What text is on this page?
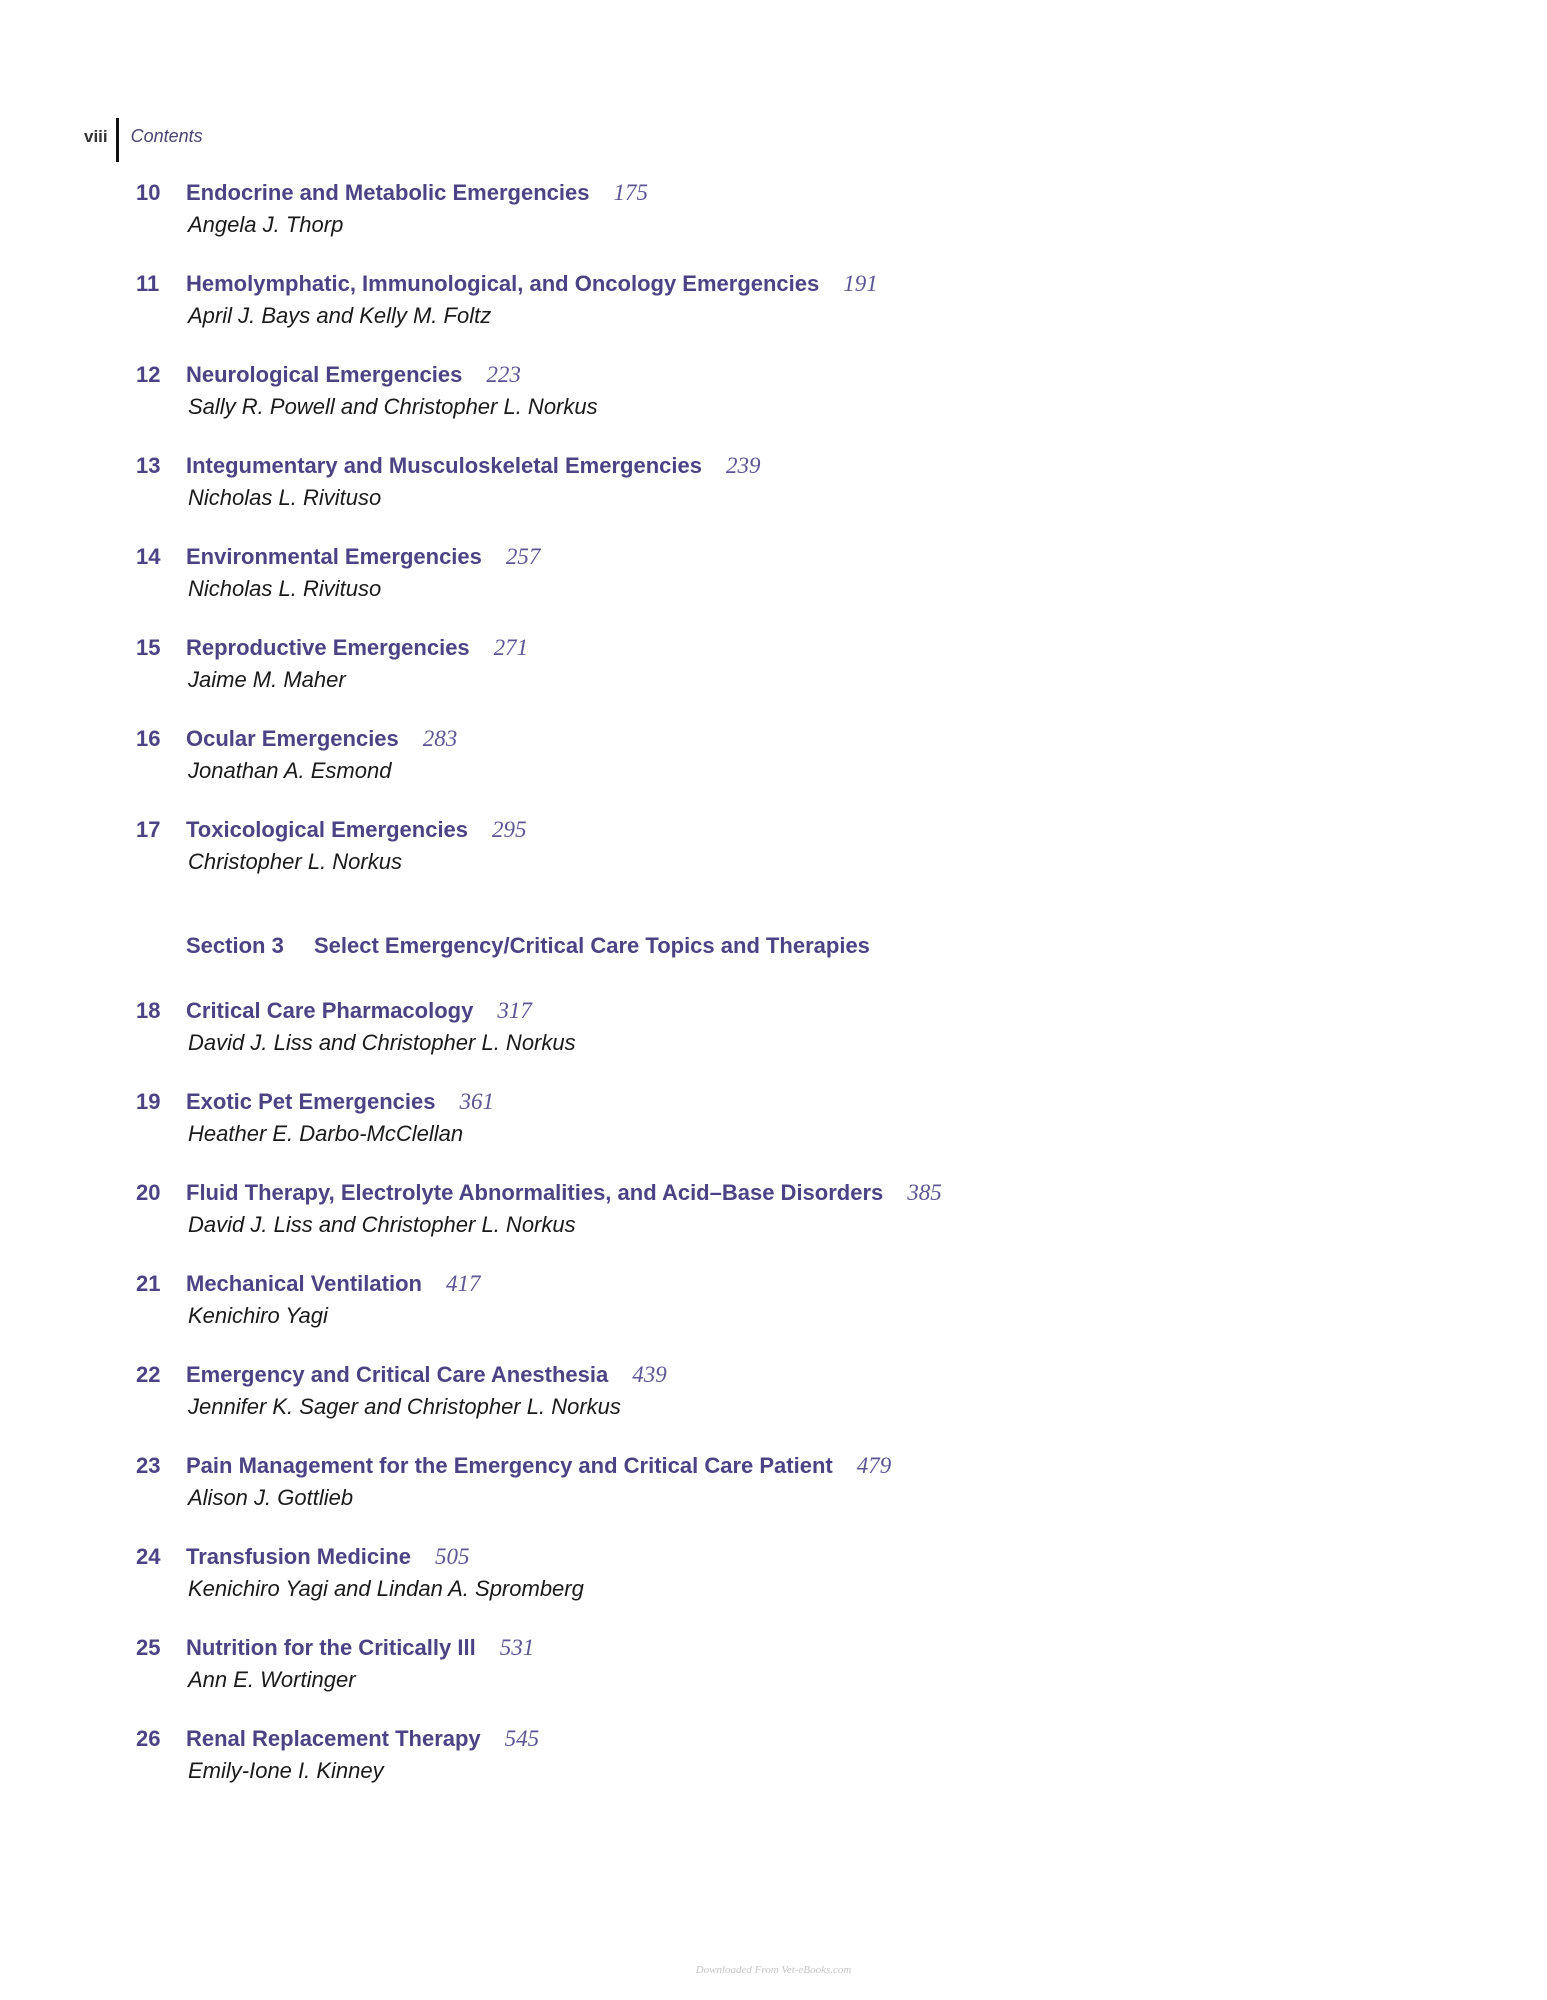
viii	Contents
10	Endocrine and Metabolic Emergencies 175
Angela J. Thorp
11	Hemolymphatic, Immunological, and Oncology Emergencies 191
April J. Bays and Kelly M. Foltz
12	Neurological Emergencies 223
Sally R. Powell and Christopher L. Norkus
13	Integumentary and Musculoskeletal Emergencies 239
Nicholas L. Rivituso
14	Environmental Emergencies 257
Nicholas L. Rivituso
15	Reproductive Emergencies 271
Jaime M. Maher
16	Ocular Emergencies 283
Jonathan A. Esmond
17	Toxicological Emergencies 295
Christopher L. Norkus
Section 3	Select Emergency/Critical Care Topics and Therapies
18	Critical Care Pharmacology 317
David J. Liss and Christopher L. Norkus
19	Exotic Pet Emergencies 361
Heather E. Darbo-McClellan
20	Fluid Therapy, Electrolyte Abnormalities, and Acid–Base Disorders 385
David J. Liss and Christopher L. Norkus
21	Mechanical Ventilation 417
Kenichiro Yagi
22	Emergency and Critical Care Anesthesia 439
Jennifer K. Sager and Christopher L. Norkus
23	Pain Management for the Emergency and Critical Care Patient 479
Alison J. Gottlieb
24	Transfusion Medicine 505
Kenichiro Yagi and Lindan A. Spromberg
25	Nutrition for the Critically Ill 531
Ann E. Wortinger
26	Renal Replacement Therapy 545
Emily-Ione I. Kinney
Downloaded From Vet-eBooks.com
